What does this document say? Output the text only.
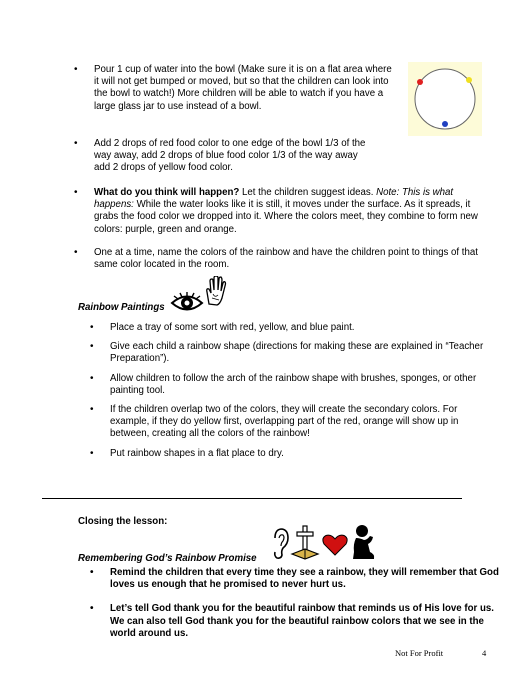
• Pour 1 cup of water into the bowl (Make sure it is on a flat area where it will not get bumped or moved, but so that the children can look into the bowl to watch!) More children will be able to watch if you have a large glass jar to use instead of a bowl.
• Add 2 drops of red food color to one edge of the bowl 1/3 of the way away, add 2 drops of blue food color 1/3 of the way away add 2 drops of yellow food color.
• What do you think will happen? Let the children suggest ideas. Note: This is what happens: While the water looks like it is still, it moves under the surface. As it spreads, it grabs the food color we dropped into it. Where the colors meet, they combine to form new colors: purple, green and orange.
• One at a time, name the colors of the rainbow and have the children point to things of that same color located in the room.
Rainbow Paintings
• Place a tray of some sort with red, yellow, and blue paint.
• Give each child a rainbow shape (directions for making these are explained in “Teacher Preparation”).
• Allow children to follow the arch of the rainbow shape with brushes, sponges, or other painting tool.
• If the children overlap two of the colors, they will create the secondary colors. For example, if they do yellow first, overlapping part of the red, orange will show up in between, creating all the colors of the rainbow!
• Put rainbow shapes in a flat place to dry.
Closing the lesson:
Remembering God’s Rainbow Promise
• Remind the children that every time they see a rainbow, they will remember that God loves us enough that he promised to never hurt us.
• Let’s tell God thank you for the beautiful rainbow that reminds us of His love for us. We can also tell God thank you for the beautiful rainbow colors that we see in the world around us.
Not For Profit	4
